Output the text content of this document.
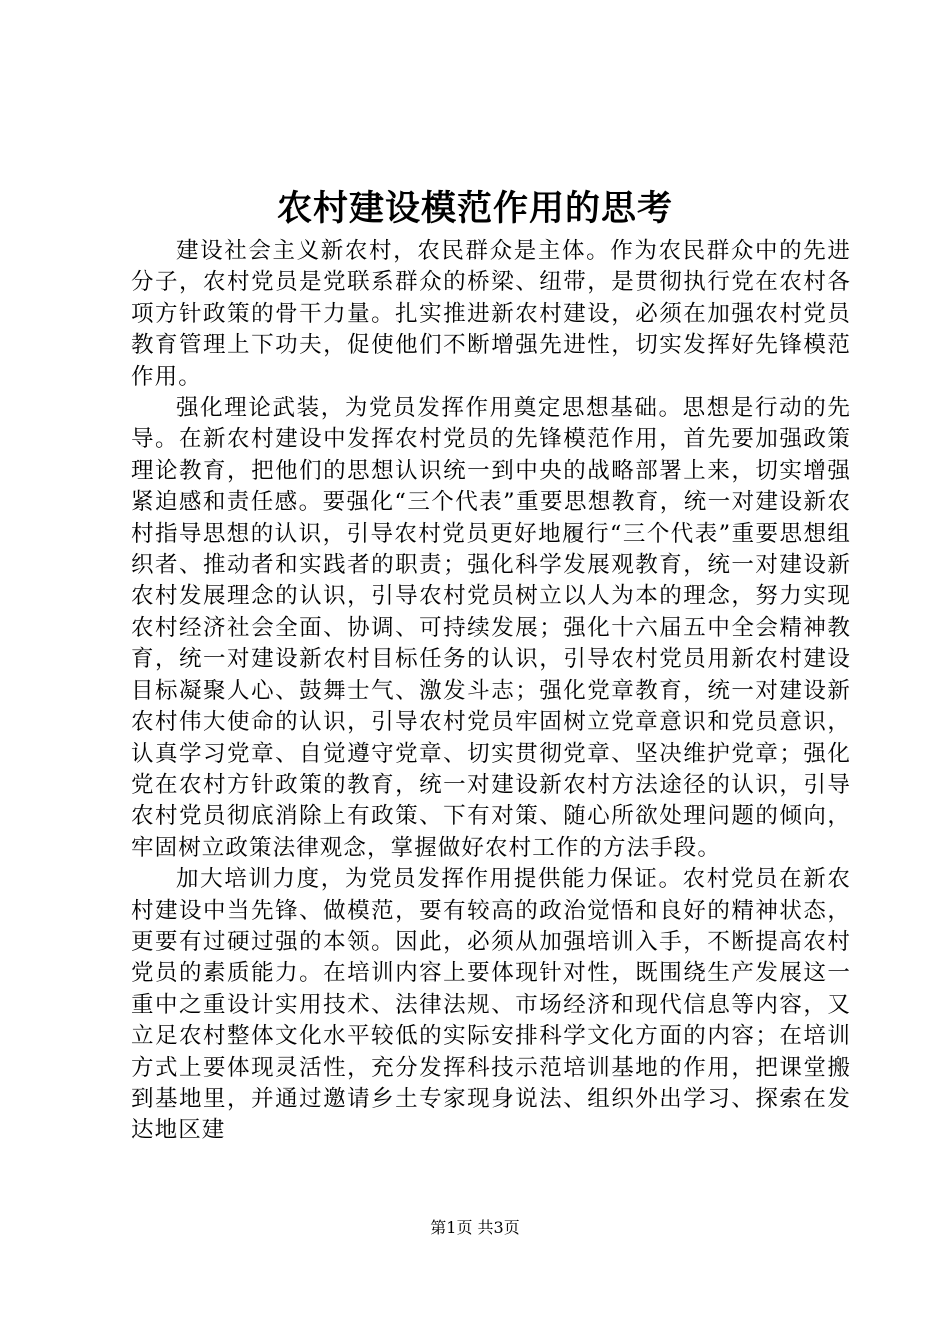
农村建设模范作用的思考

建设社会主义新农村，农民群众是主体。作为农民群众中的先进分子，农村党员是党联系群众的桥梁、纽带，是贯彻执行党在农村各项方针政策的骨干力量。扎实推进新农村建设，必须在加强农村党员教育管理上下功夫，促使他们不断增强先进性，切实发挥好先锋模范作用。

强化理论武装，为党员发挥作用奠定思想基础。思想是行动的先导。在新农村建设中发挥农村党员的先锋模范作用，首先要加强政策理论教育，把他们的思想认识统一到中央的战略部署上来，切实增强紧迫感和责任感。要强化“三个代表”重要思想教育，统一对建设新农村指导思想的认识，引导农村党员更好地履行“三个代表”重要思想组织者、推动者和实践者的职责；强化科学发展观教育，统一对建设新农村发展理念的认识，引导农村党员树立以人为本的理念，努力实现农村经济社会全面、协调、可持续发展；强化十六届五中全会精神教育，统一对建设新农村目标任务的认识，引导农村党员用新农村建设目标凝聚人心、鼓舞士气、激发斗志；强化党章教育，统一对建设新农村伟大使命的认识，引导农村党员牢固树立党章意识和党员意识，认真学习党章、自觉遵守党章、切实贯彻党章、坚决维护党章；强化党在农村方针政策的教育，统一对建设新农村方法途径的认识，引导农村党员彻底消除上有政策、下有对策、随心所欲处理问题的倾向，牢固树立政策法律观念，掌握做好农村工作的方法手段。

加大培训力度，为党员发挥作用提供能力保证。农村党员在新农村建设中当先锋、做模范，要有较高的政治觉悟和良好的精神状态，更要有过硬过强的本领。因此，必须从加强培训入手，不断提高农村党员的素质能力。在培训内容上要体现针对性，既围绕生产发展这一重中之重设计实用技术、法律法规、市场经济和现代信息等内容，又立足农村整体文化水平较低的实际安排科学文化方面的内容；在培训方式上要体现灵活性，充分发挥科技示范培训基地的作用，把课堂搬到基地里，并通过邀请乡土专家现身说法、组织外出学习、探索在发达地区建

第1页 共3页
